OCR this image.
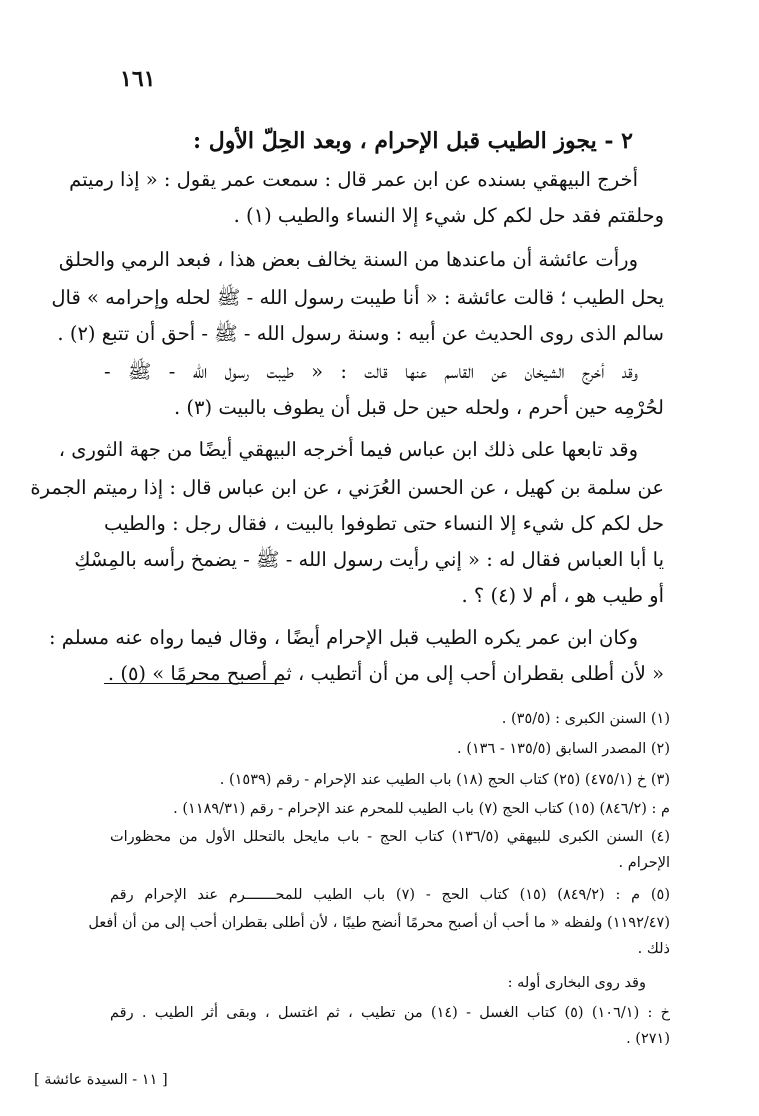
١٦١
٢ - يجوز الطيب قبل الإحرام ، وبعد الحِلّ الأول :
أخرج البيهقي بسنده عن ابن عمر قال : سمعت عمر يقول : « إذا رميتم
وحلقتم فقد حل لكم كل شيء إلا النساء والطيب (١) .
ورأت عائشة أن ماعندها من السنة يخالف بعض هذا ، فبعد الرمي والحلق
يحل الطيب ؛ قالت عائشة : « أنا طيبت رسول الله - ﷺ لحله وإحرامه » قال
سالم الذى روى الحديث عن أبيه : وسنة رسول الله - ﷺ - أحق أن تتبع (٢) .
وقد أخرج الشيخان عن القاسم عنها قالت : « طيبت رسول الله - ﷺ -
لحُرْمِه حين أحرم ، ولحله حين حل قبل أن يطوف بالبيت (٣) .
وقد تابعها على ذلك ابن عباس فيما أخرجه البيهقي أيضًا من جهة الثورى ،
عن سلمة بن كهيل ، عن الحسن العُرَني ، عن ابن عباس قال : إذا رميتم الجمرة
حل لكم كل شيء إلا النساء حتى تطوفوا بالبيت ، فقال رجل : والطيب
يا أبا العباس فقال له : « إني رأيت رسول الله - ﷺ - يضمخ رأسه بالمِسْكِ
أو طيب هو ، أم لا (٤) ؟ .
وكان ابن عمر يكره الطيب قبل الإحرام أيضًا ، وقال فيما رواه عنه مسلم :
« لأن أطلى بقطران أحب إلى من أن أتطيب ، ثم أصبح محرمًا » (٥) .
(١) السنن الكبرى : (٣٥/٥) .
(٢) المصدر السابق (١٣٥/٥ - ١٣٦) .
(٣) خ (٤٧٥/١) (٢٥) كتاب الحج (١٨) باب الطيب عند الإحرام - رقم (١٥٣٩) .
م : (٨٤٦/٢) (١٥) كتاب الحج (٧) باب الطيب للمحرم عند الإحرام - رقم (١١٨٩/٣١) .
(٤) السنن الكبرى للبيهقي (١٣٦/٥) كتاب الحج - باب مايحل بالتحلل الأول من محظورات
الإحرام .
(٥) م : (٨٤٩/٢) (١٥) كتاب الحج - (٧) باب الطيب للمحـــــــرم عند الإحرام رقم
(١١٩٢/٤٧) ولفظه « ما أحب أن أصبح محرمًا أنضح طيبًا ، لأن أطلى بقطران أحب إلى من أن أفعل
ذلك .
وقد روى البخارى أوله :
خ : (١٠٦/١) (٥) كتاب الغسل - (١٤) من تطيب ، ثم اغتسل ، وبقى أثر الطيب . رقم
(٢٧١) .
[ ١١ - السيدة عائشة ]
